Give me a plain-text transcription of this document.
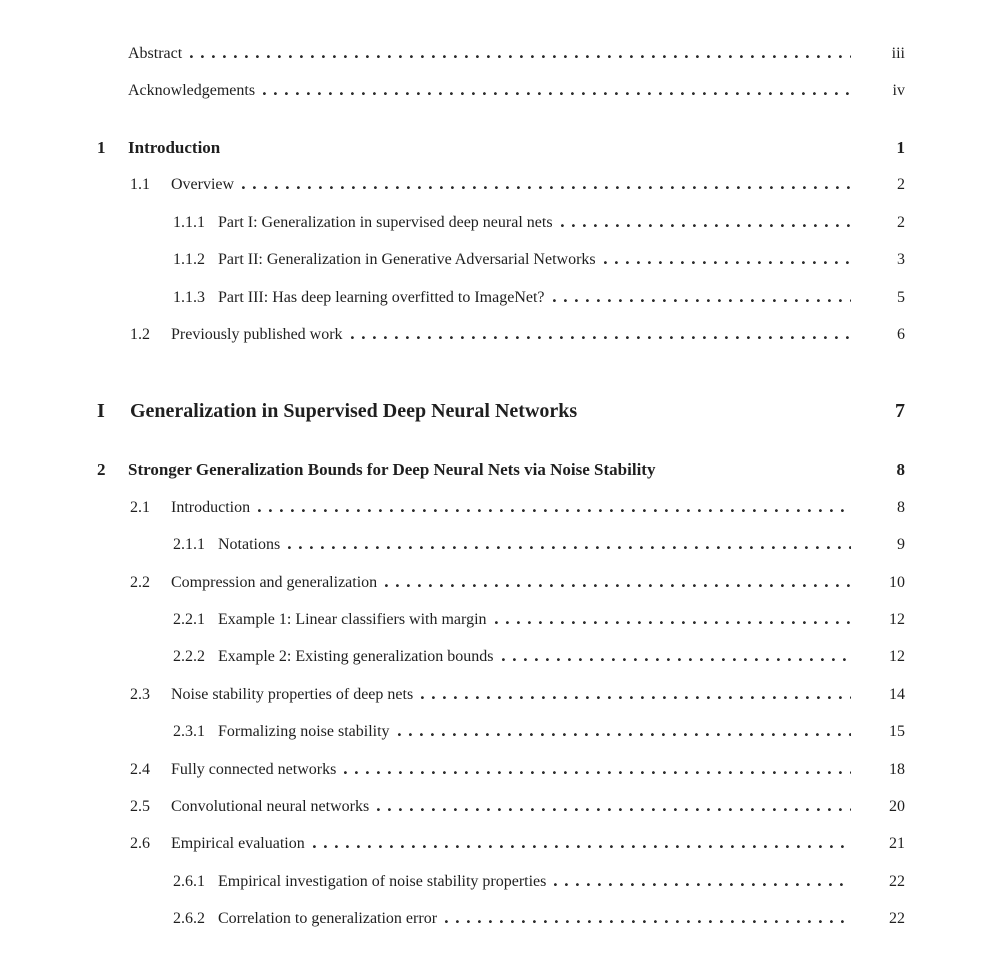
Abstract	iii
Acknowledgements	iv
1	Introduction	1
1.1	Overview	2
1.1.1 Part I: Generalization in supervised deep neural nets	2
1.1.2 Part II: Generalization in Generative Adversarial Networks	3
1.1.3 Part III: Has deep learning overfitted to ImageNet?	5
1.2	Previously published work	6
I	Generalization in Supervised Deep Neural Networks	7
2	Stronger Generalization Bounds for Deep Neural Nets via Noise Stability	8
2.1	Introduction	8
2.1.1 Notations	9
2.2	Compression and generalization	10
2.2.1 Example 1: Linear classifiers with margin	12
2.2.2 Example 2: Existing generalization bounds	12
2.3	Noise stability properties of deep nets	14
2.3.1 Formalizing noise stability	15
2.4	Fully connected networks	18
2.5	Convolutional neural networks	20
2.6	Empirical evaluation	21
2.6.1 Empirical investigation of noise stability properties	22
2.6.2 Correlation to generalization error	22
